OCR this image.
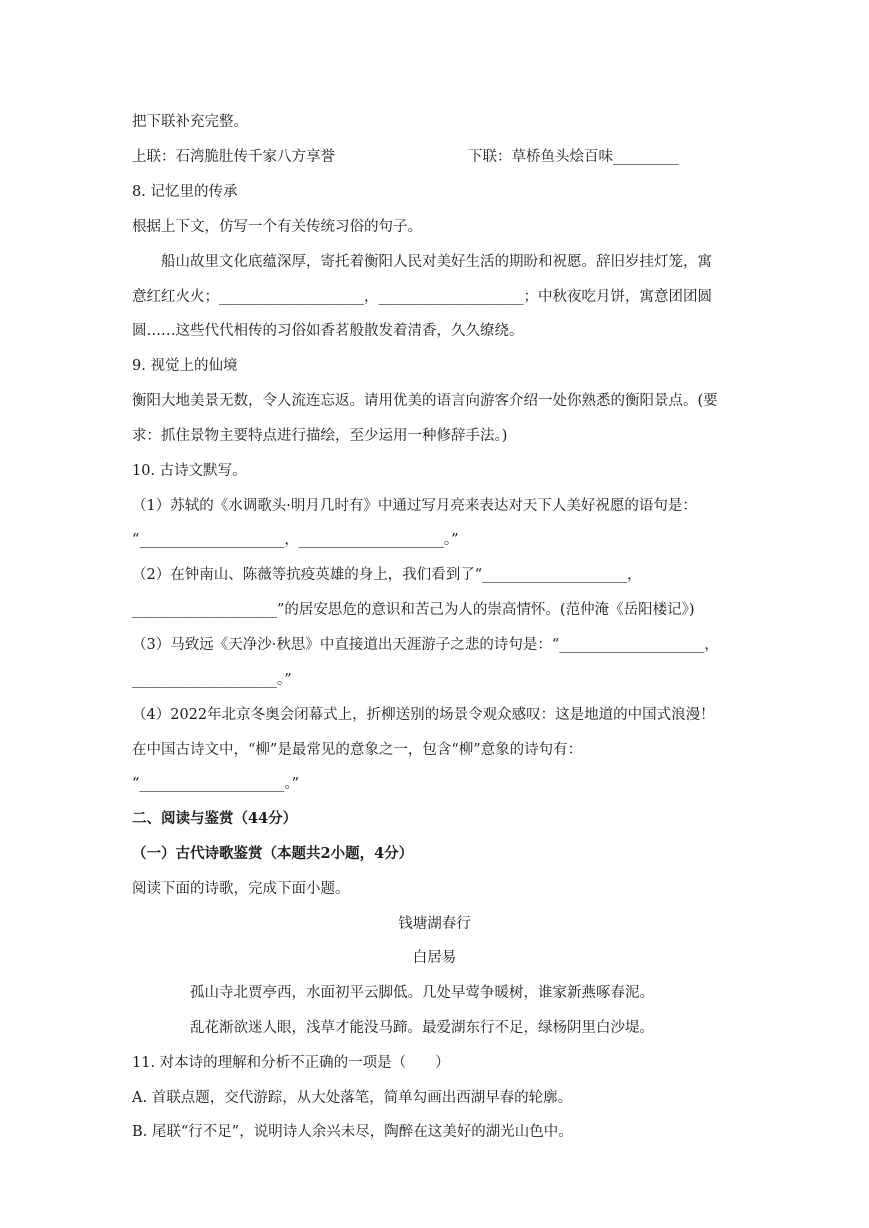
把下联补充完整。
上联：石湾脆肚传千家八方享誉	下联：草桥鱼头烩百味_________
8. 记忆里的传承
根据上下文，仿写一个有关传统习俗的句子。
船山故里文化底蕴深厚，寄托着衡阳人民对美好生活的期盼和祝愿。辞旧岁挂灯笼，寓
意红红火火；____________________，____________________；中秋夜吃月饼，寓意团团圆
圆……这些代代相传的习俗如香茗般散发着清香，久久缭绕。
9. 视觉上的仙境
衡阳大地美景无数，令人流连忘返。请用优美的语言向游客介绍一处你熟悉的衡阳景点。(要
求：抓住景物主要特点进行描绘，至少运用一种修辞手法。)
10. 古诗文默写。
（1）苏轼的《水调歌头·明月几时有》中通过写月亮来表达对天下人美好祝愿的语句是：
“____________________，____________________。”
（2）在钟南山、陈薇等抗疫英雄的身上，我们看到了“____________________，
____________________”的居安思危的意识和苦己为人的崇高情怀。(范仲淹《岳阳楼记》)
（3）马致远《天净沙·秋思》中直接道出天涯游子之悲的诗句是：“____________________，
____________________。”
（4）2022年北京冬奥会闭幕式上，折柳送别的场景令观众感叹：这是地道的中国式浪漫！
在中国古诗文中，“柳”是最常见的意象之一，包含“柳”意象的诗句有：
“____________________。”
二、阅读与鉴赏（44分）
（一）古代诗歌鉴赏（本题共2小题，4分）
阅读下面的诗歌，完成下面小题。
钱塘湖春行
白居易
孤山寺北贾亭西，水面初平云脚低。几处早莺争暖树，谁家新燕啄春泥。
乱花渐欲迷人眼，浅草才能没马蹄。最爱湖东行不足，绿杨阴里白沙堤。
11. 对本诗的理解和分析不正确的一项是（　　）
A. 首联点题，交代游踪，从大处落笔，简单勾画出西湖早春的轮廓。
B. 尾联“行不足”，说明诗人余兴未尽，陶醉在这美好的湖光山色中。
